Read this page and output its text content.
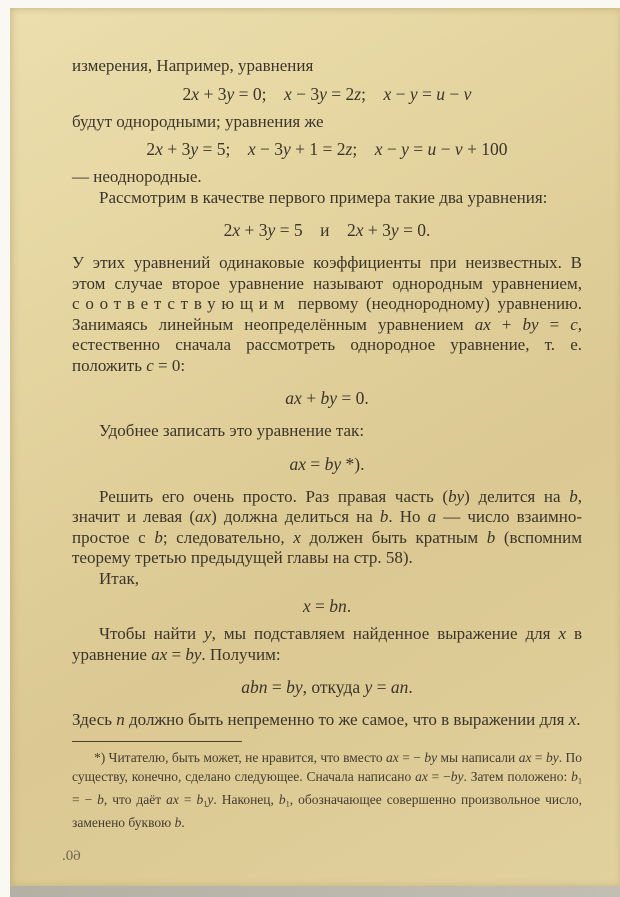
измерения, Например, уравнения
2x + 3y = 0; x − 3y = 2z; x − y = u − v
будут однородными; уравнения же
2x + 3y = 5; x − 3y + 1 = 2z; x − y = u − v + 100
— неоднородные.
Рассмотрим в качестве первого примера такие два уравнения:
2x + 3y = 5 и 2x + 3y = 0.
У этих уравнений одинаковые коэффициенты при неизвестных. В этом случае второе уравнение называют однородным уравнением, соответствующим первому (неоднородному) уравнению. Занимаясь линейным неопределённым уравнением ax + by = c, естественно сначала рассмотреть однородное уравнение, т. е. положить c = 0:
ax + by = 0.
Удобнее записать это уравнение так:
ax = by *).
Решить его очень просто. Раз правая часть (by) делится на b, значит и левая (ax) должна делиться на b. Но a — число взаимно-простое с b; следовательно, x должен быть кратным b (вспомним теорему третью предыдущей главы на стр. 58).
Итак,
x = bn.
Чтобы найти y, мы подставляем найденное выражение для x в уравнение ax = by. Получим:
abn = by, откуда y = an.
Здесь n должно быть непременно то же самое, что в выражении для x.
*) Читателю, быть может, не нравится, что вместо ax = − by мы написали ax = by. По существу, конечно, сделано следующее. Сначала написано ax = −by. Затем положено: b1 = − b, что даёт ax = b1y. Наконец, b1, обозначающее совершенно произвольное число, заменено буквою b.
60.
